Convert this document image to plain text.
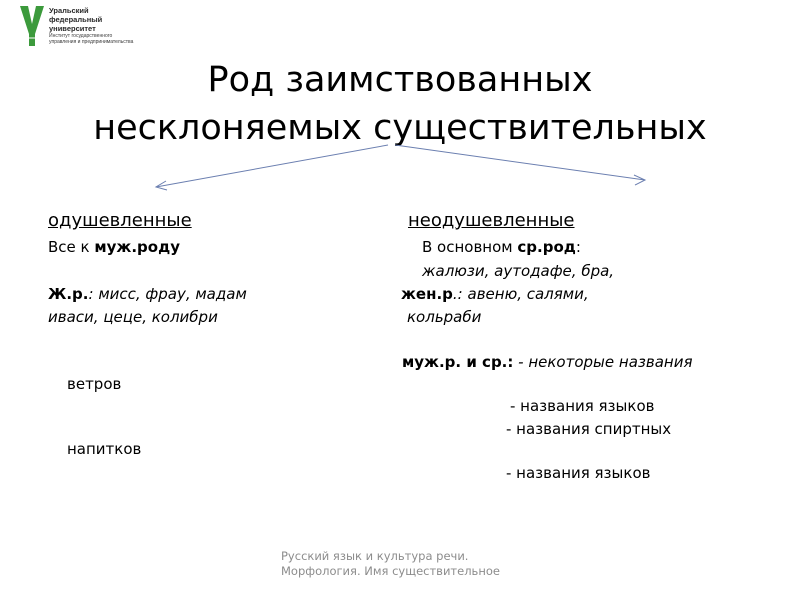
Уральский
федеральный
университет
Институт государственного
управления и предпринимательства
Род заимствованных
несклоняемых существительных
одушевленные
Все к муж.роду
Ж.р.: мисс, фрау, мадам
иваси, цеце, колибри
ветров
напитков
неодушевленные
В основном ср.род:
жалюзи, аутодафе, бра,
жен.р.: авеню, салями,
кольраби
муж.р. и ср.: - некоторые названия
- названия языков
- названия спиртных
- названия языков
Русский язык и культура речи. Морфология. Имя существительное
